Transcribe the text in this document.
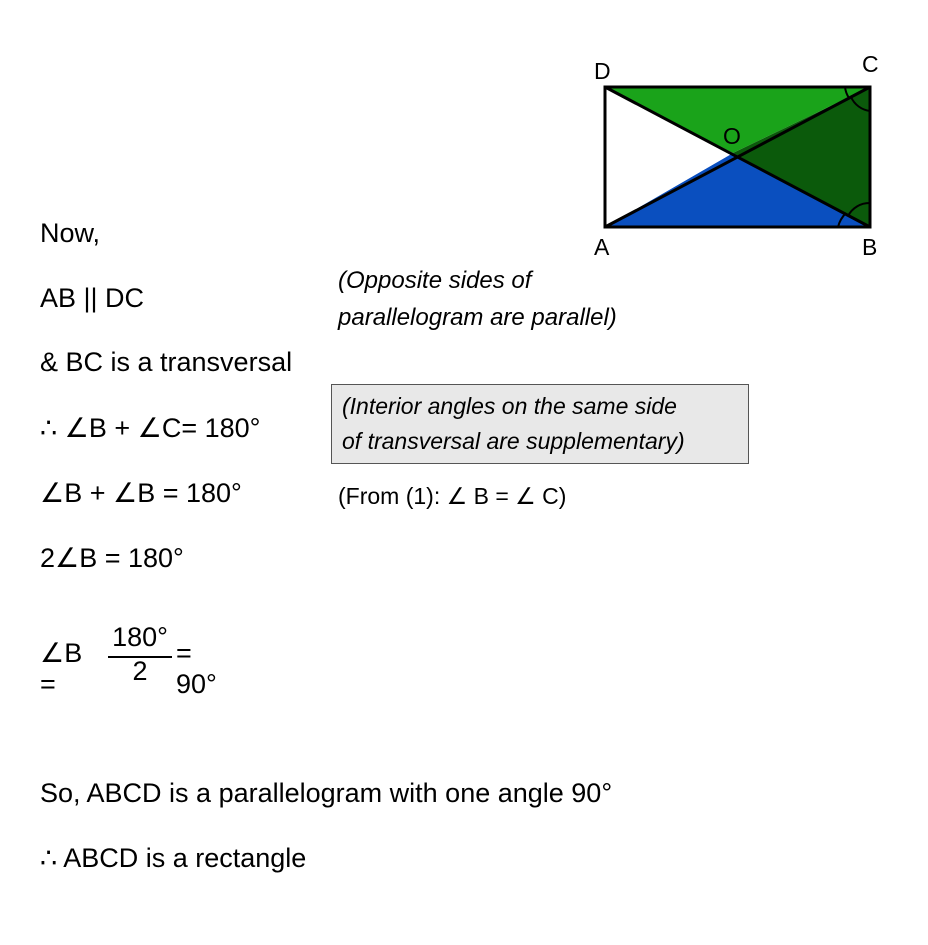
D	C
O
A	B
Now,
AB || DC
& BC is a transversal
∴ ∠B + ∠C= 180°
∠B + ∠B = 180°
2∠B = 180°
∠B =
180°
2
= 90°
So, ABCD is a parallelogram with one angle 90°
∴ ABCD is a rectangle
(Opposite sides of
parallelogram are parallel)
(Interior angles on the same side
of transversal are supplementary)
(From (1): ∠ B = ∠ C)
